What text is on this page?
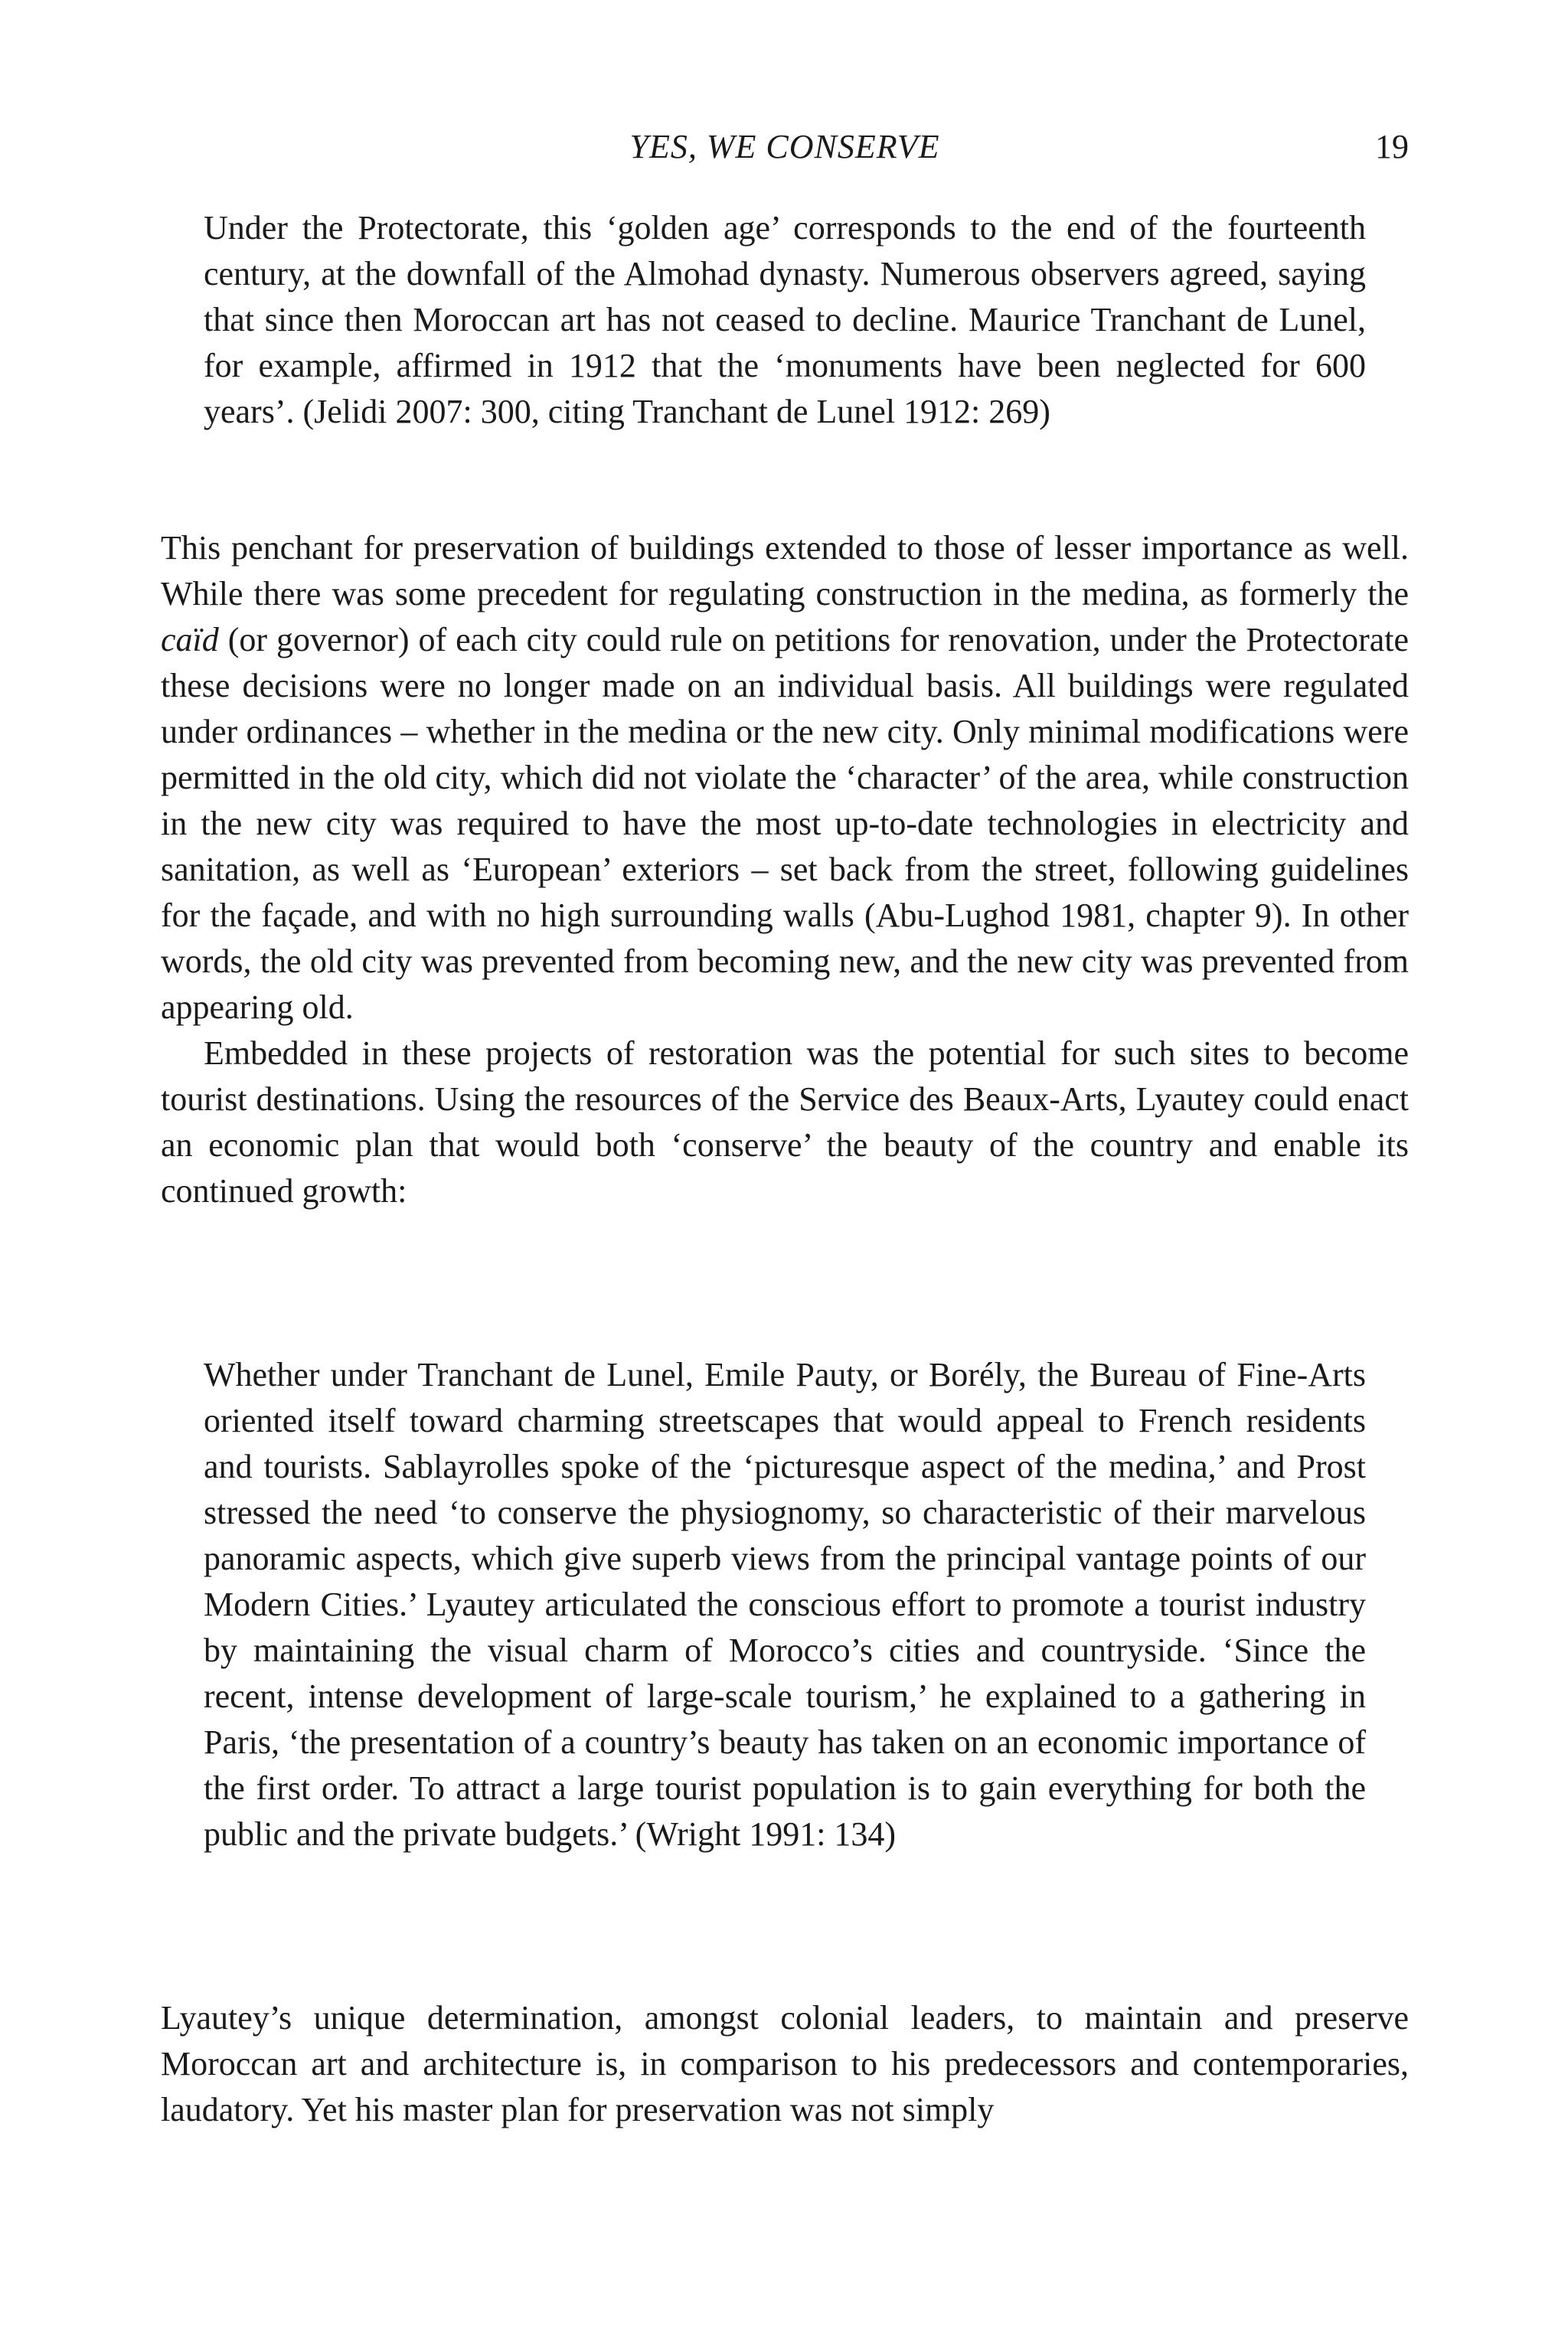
YES, WE CONSERVE	19

Under the Protectorate, this ‘golden age’ corresponds to the end of the fourteenth century, at the downfall of the Almohad dynasty. Numerous observers agreed, saying that since then Moroccan art has not ceased to decline. Maurice Tranchant de Lunel, for example, affirmed in 1912 that the ‘monuments have been neglected for 600 years’. (Jelidi 2007: 300, citing Tranchant de Lunel 1912: 269)

This penchant for preservation of buildings extended to those of lesser importance as well. While there was some precedent for regulating construction in the medina, as formerly the caïd (or governor) of each city could rule on petitions for renovation, under the Protectorate these decisions were no longer made on an individual basis. All buildings were regulated under ordinances – whether in the medina or the new city. Only minimal modifications were permitted in the old city, which did not violate the ‘character’ of the area, while construction in the new city was required to have the most up-to-date technologies in electricity and sanitation, as well as ‘European’ exteriors – set back from the street, following guidelines for the façade, and with no high surrounding walls (Abu-Lughod 1981, chapter 9). In other words, the old city was prevented from becoming new, and the new city was prevented from appearing old.

Embedded in these projects of restoration was the potential for such sites to become tourist destinations. Using the resources of the Service des Beaux-Arts, Lyautey could enact an economic plan that would both ‘conserve’ the beauty of the country and enable its continued growth:

Whether under Tranchant de Lunel, Emile Pauty, or Borély, the Bureau of Fine-Arts oriented itself toward charming streetscapes that would appeal to French residents and tourists. Sablayrolles spoke of the ‘picturesque aspect of the medina,’ and Prost stressed the need ‘to conserve the physiognomy, so characteristic of their marvelous panoramic aspects, which give superb views from the principal vantage points of our Modern Cities.’ Lyautey articulated the conscious effort to promote a tourist industry by maintaining the visual charm of Morocco’s cities and countryside. ‘Since the recent, intense development of large-scale tourism,’ he explained to a gathering in Paris, ‘the presentation of a country’s beauty has taken on an economic importance of the first order. To attract a large tourist population is to gain everything for both the public and the private budgets.’ (Wright 1991: 134)

Lyautey’s unique determination, amongst colonial leaders, to maintain and preserve Moroccan art and architecture is, in comparison to his predecessors and contemporaries, laudatory. Yet his master plan for preservation was not simply
